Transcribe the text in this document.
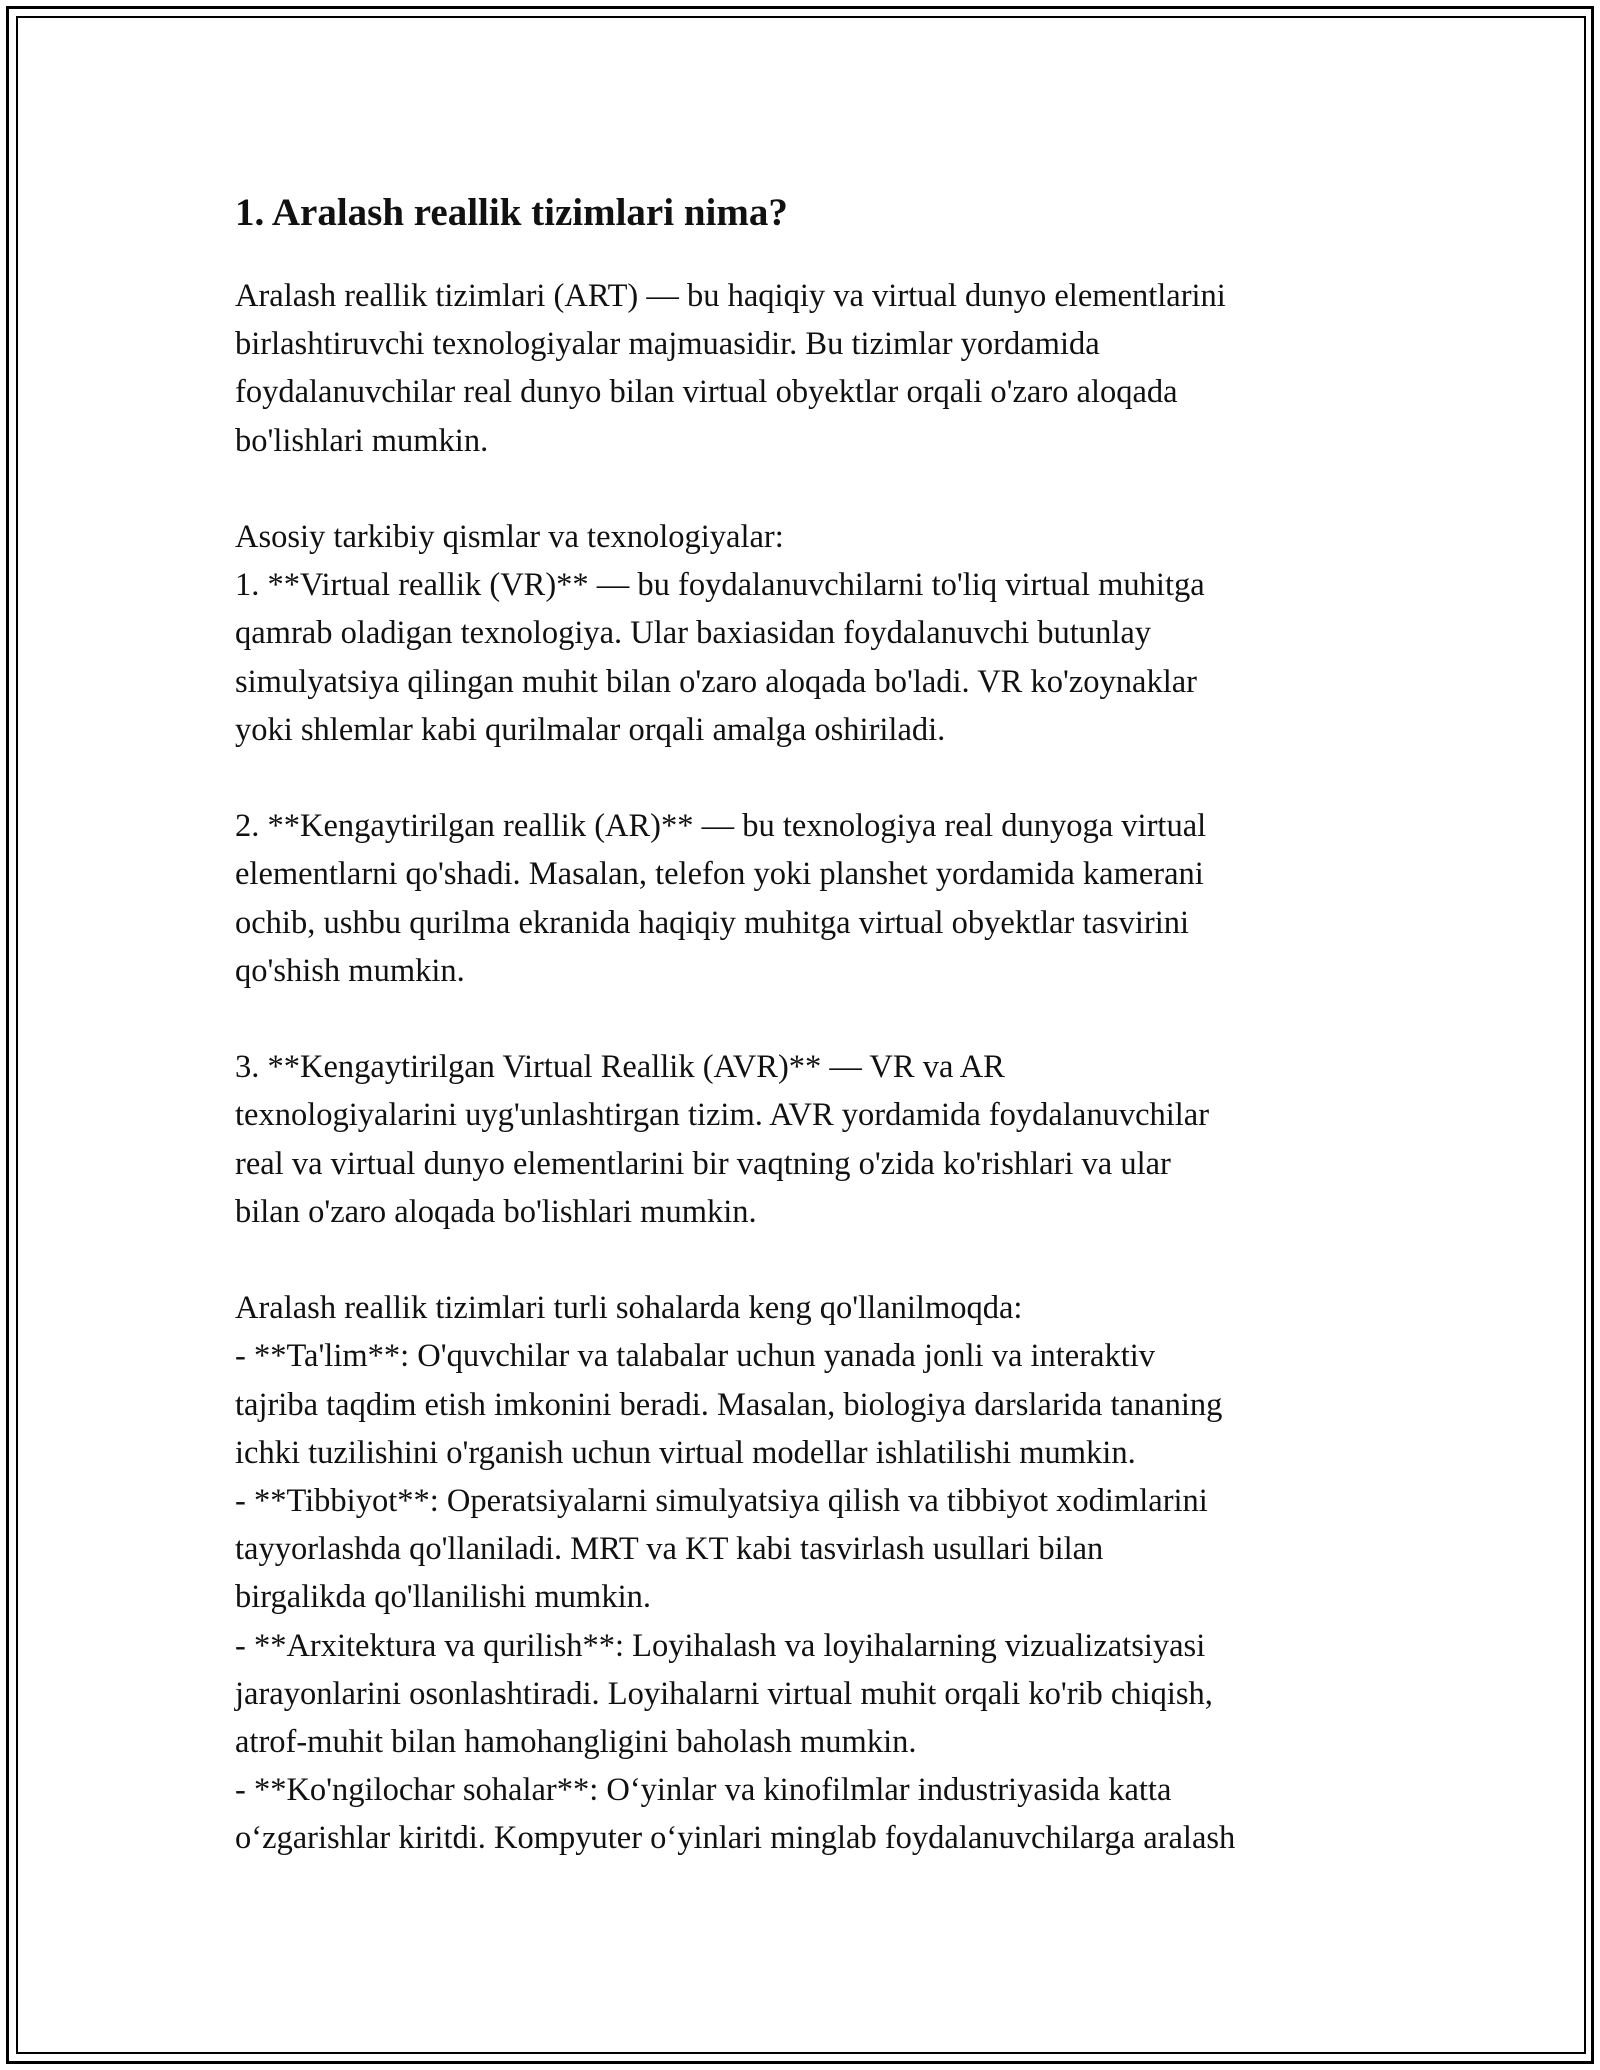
1. Aralash reallik tizimlari nima?
Aralash reallik tizimlari (ART) — bu haqiqiy va virtual dunyo elementlarini
birlashtiruvchi texnologiyalar majmuasidir. Bu tizimlar yordamida
foydalanuvchilar real dunyo bilan virtual obyektlar orqali o'zaro aloqada
bo'lishlari mumkin.
Asosiy tarkibiy qismlar va texnologiyalar:
1. **Virtual reallik (VR)** — bu foydalanuvchilarni to'liq virtual muhitga
qamrab oladigan texnologiya. Ular baxiasidan foydalanuvchi butunlay
simulyatsiya qilingan muhit bilan o'zaro aloqada bo'ladi. VR ko'zoynaklar
yoki shlemlar kabi qurilmalar orqali amalga oshiriladi.
2. **Kengaytirilgan reallik (AR)** — bu texnologiya real dunyoga virtual
elementlarni qo'shadi. Masalan, telefon yoki planshet yordamida kamerani
ochib, ushbu qurilma ekranida haqiqiy muhitga virtual obyektlar tasvirini
qo'shish mumkin.
3. **Kengaytirilgan Virtual Reallik (AVR)** — VR va AR
texnologiyalarini uyg'unlashtirgan tizim. AVR yordamida foydalanuvchilar
real va virtual dunyo elementlarini bir vaqtning o'zida ko'rishlari va ular
bilan o'zaro aloqada bo'lishlari mumkin.
Aralash reallik tizimlari turli sohalarda keng qo'llanilmoqda:
- **Ta'lim**: O'quvchilar va talabalar uchun yanada jonli va interaktiv
tajriba taqdim etish imkonini beradi. Masalan, biologiya darslarida tananing
ichki tuzilishini o'rganish uchun virtual modellar ishlatilishi mumkin.
- **Tibbiyot**: Operatsiyalarni simulyatsiya qilish va tibbiyot xodimlarini
tayyorlashda qo'llaniladi. MRT va KT kabi tasvirlash usullari bilan
birgalikda qo'llanilishi mumkin.
- **Arxitektura va qurilish**: Loyihalash va loyihalarning vizualizatsiyasi
jarayonlarini osonlashtiradi. Loyihalarni virtual muhit orqali ko'rib chiqish,
atrof-muhit bilan hamohangligini baholash mumkin.
- **Ko'ngilochar sohalar**: O‘yinlar va kinofilmlar industriyasida katta
o‘zgarishlar kiritdi. Kompyuter o‘yinlari minglab foydalanuvchilarga aralash
